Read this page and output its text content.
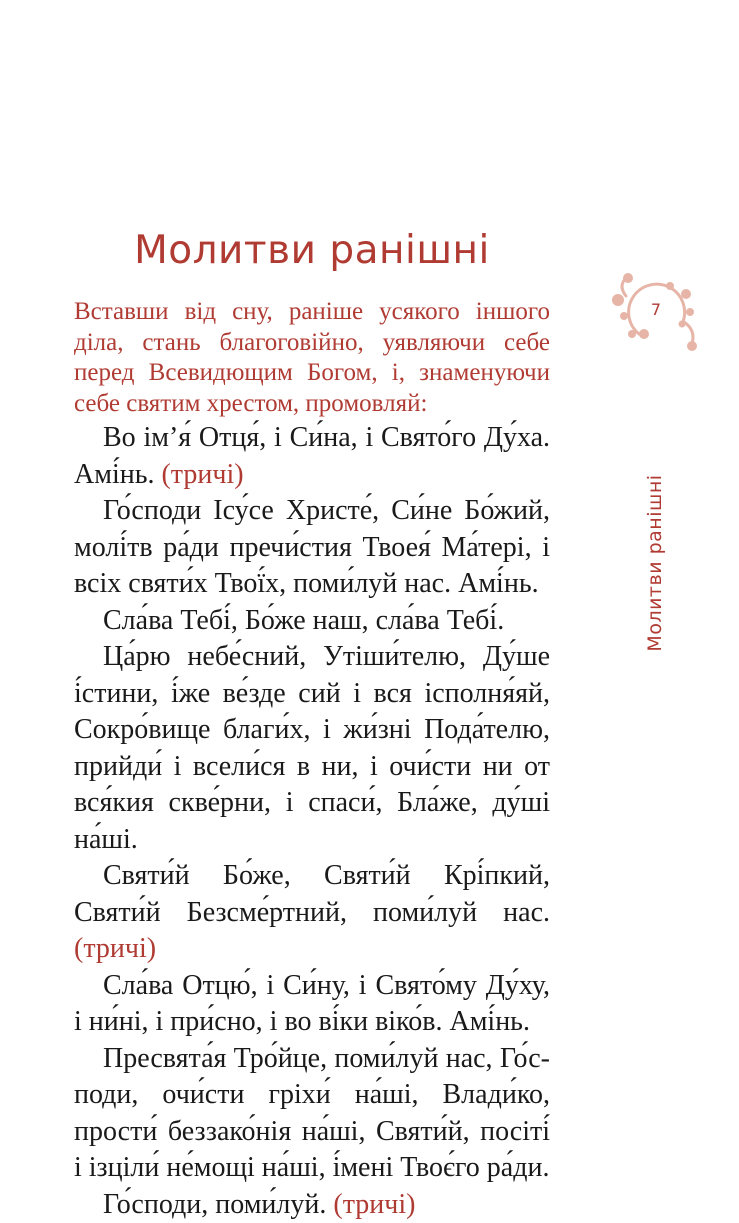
Молитви ранішні

Вставши від сну, раніше усякого іншого діла, стань благоговійно, уявляючи себе перед Всевидющим Богом, і, знаменуючи себе святим хрестом, промовляй:

Во ім’я́ Отця́, і Си́на, і Свято́го Ду́ха. Амі́нь. (тричі)

Го́споди Ісу́се Христе́, Си́не Бо́жий, молі́тв ра́ди пречи́стия Твоея́ Ма́тері, і всіх святи́х Твої́х, поми́луй нас. Амі́нь.

Сла́ва Тебі́, Бо́же наш, сла́ва Тебі́.

Ца́рю небе́сний, Утіши́телю, Ду́ше і́стини, і́же ве́зде сий і вся ісполня́яй, Сокро́вище благи́х, і жи́зні Пода́телю, прийди́ і всели́ся в ни, і очи́сти ни от вся́кия скве́рни, і спаси́, Бла́же, ду́ші на́ші.

Святи́й Бо́же, Святи́й Крі́пкий, Святи́й Безсме́ртний, поми́луй нас. (тричі)

Сла́ва Отцю́, і Си́ну, і Свято́му Ду́ху, і ни́ні, і при́сно, і во ві́ки віко́в. Амі́нь.

Пресвята́я Тро́йце, поми́луй нас, Го́споди, очи́сти гріхи́ на́ші, Влади́ко, прости́ беззако́нія на́ші, Святи́й, посіті́ і ізціли́ не́мощі на́ші, і́мені Твоє́го ра́ди.

Го́споди, поми́луй. (тричі)

7
Молитви ранішні
